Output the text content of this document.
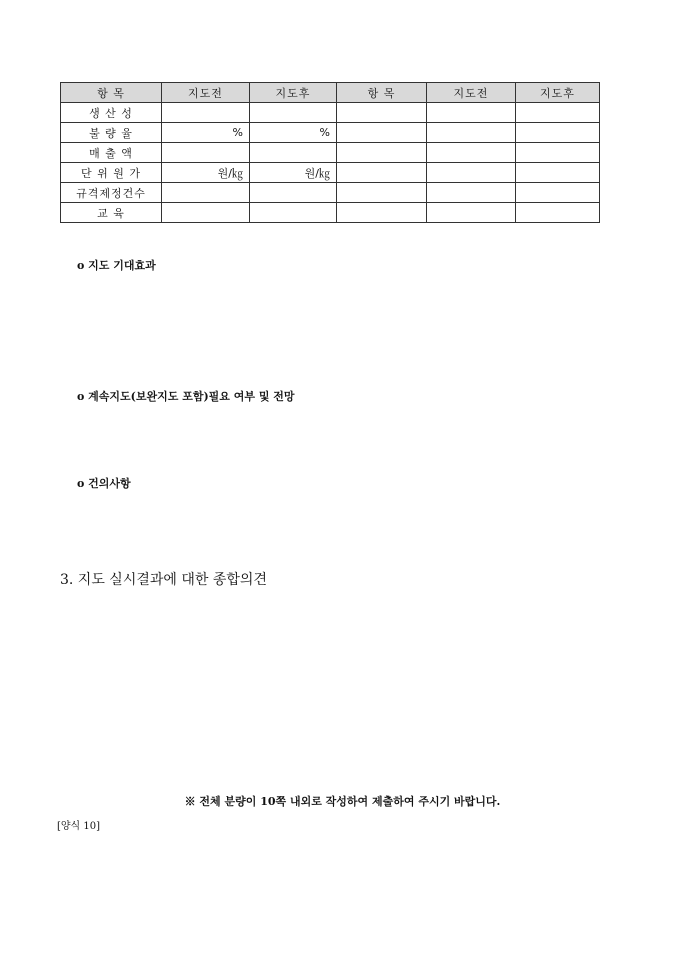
항 목	지도전	지도후	항 목	지도전	지도후
생 산 성					
불 량 율	%	%			
매 출 액					
단 위 원 가	원/㎏	원/㎏			
규격제정건수					
교 육					
ο 지도 기대효과
ο 계속지도(보완지도 포함)필요 여부 및 전망
ο 건의사항
3. 지도 실시결과에 대한 종합의견
※ 전체 분량이 10쪽 내외로 작성하여 제출하여 주시기 바랍니다.
[양식 10]
